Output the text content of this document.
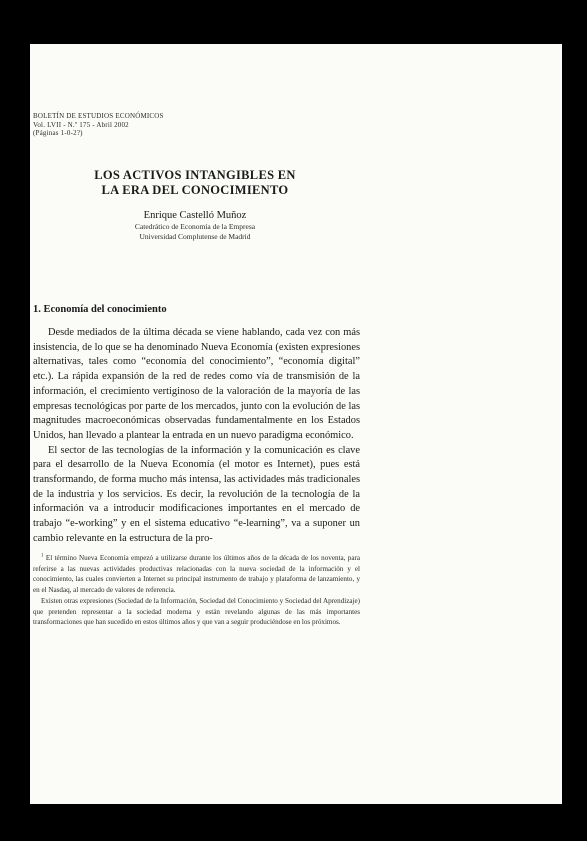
BOLETÍN DE ESTUDIOS ECONÓMICOS
Vol. LVII - N.º 175 - Abril 2002
(Páginas 1-0-2?)
LOS ACTIVOS INTANGIBLES EN
LA ERA DEL CONOCIMIENTO
Enrique Castelló Muñoz
Catedrático de Economía de la Empresa
Universidad Complutense de Madrid
1. Economía del conocimiento

Desde mediados de la última década se viene hablando, cada vez con más insistencia, de lo que se ha denominado Nueva Economía (existen expresiones alternativas, tales como “economía del conocimiento”, “economía digital” etc.). La rápida expansión de la red de redes como vía de transmisión de la información, el crecimiento vertiginoso de la valoración de la mayoría de las empresas tecnológicas por parte de los mercados, junto con la evolución de las magnitudes macroeconómicas observadas fundamentalmente en los Estados Unidos, han llevado a plantear la entrada en un nuevo paradigma económico.

El sector de las tecnologías de la información y la comunicación es clave para el desarrollo de la Nueva Economía (el motor es Internet), pues está transformando, de forma mucho más intensa, las actividades más tradicionales de la industria y los servicios. Es decir, la revolución de la tecnología de la información va a introducir modificaciones importantes en el mercado de trabajo “e-working” y en el sistema educativo “e-learning”, va a suponer un cambio relevante en la estructura de la pro-

$^1$ El término Nueva Economía empezó a utilizarse durante los últimos años de la década de los noventa, para referirse a las nuevas actividades productivas relacionadas con la nueva sociedad de la información y el conocimiento, las cuales convierten a Internet su principal instrumento de trabajo y plataforma de lanzamiento, y en el Nasdaq, al mercado de valores de referencia.

Existen otras expresiones (Sociedad de la Información, Sociedad del Conocimiento y Sociedad del Aprendizaje) que pretenden representar a la sociedad moderna y están revelando algunas de las más importantes transformaciones que han sucedido en estos últimos años y que van a seguir produciéndose en los próximos.
